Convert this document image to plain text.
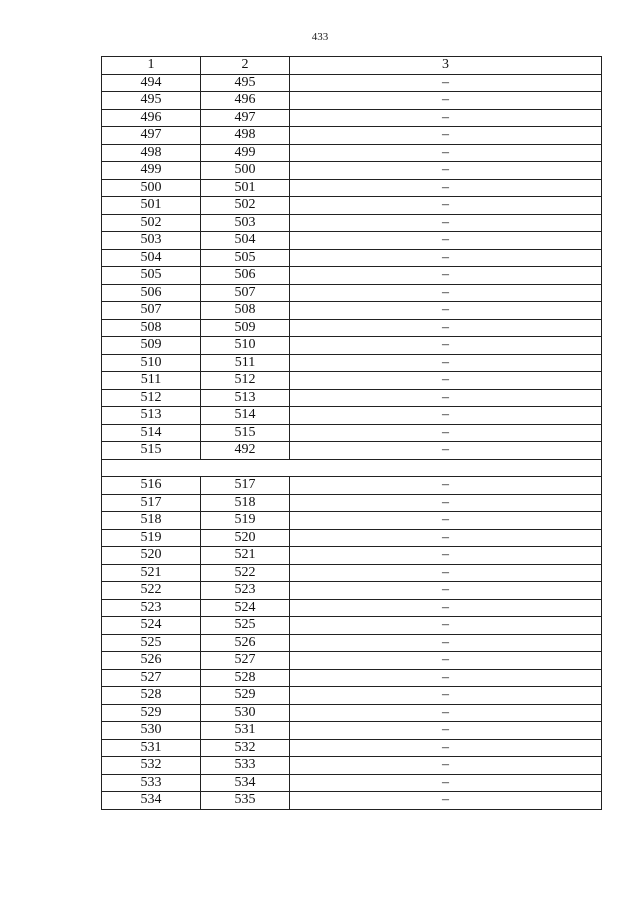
433
1	2	3
494	495	–
495	496	–
496	497	–
497	498	–
498	499	–
499	500	–
500	501	–
501	502	–
502	503	–
503	504	–
504	505	–
505	506	–
506	507	–
507	508	–
508	509	–
509	510	–
510	511	–
511	512	–
512	513	–
513	514	–
514	515	–
515	492	–

516	517	–
517	518	–
518	519	–
519	520	–
520	521	–
521	522	–
522	523	–
523	524	–
524	525	–
525	526	–
526	527	–
527	528	–
528	529	–
529	530	–
530	531	–
531	532	–
532	533	–
533	534	–
534	535	–
